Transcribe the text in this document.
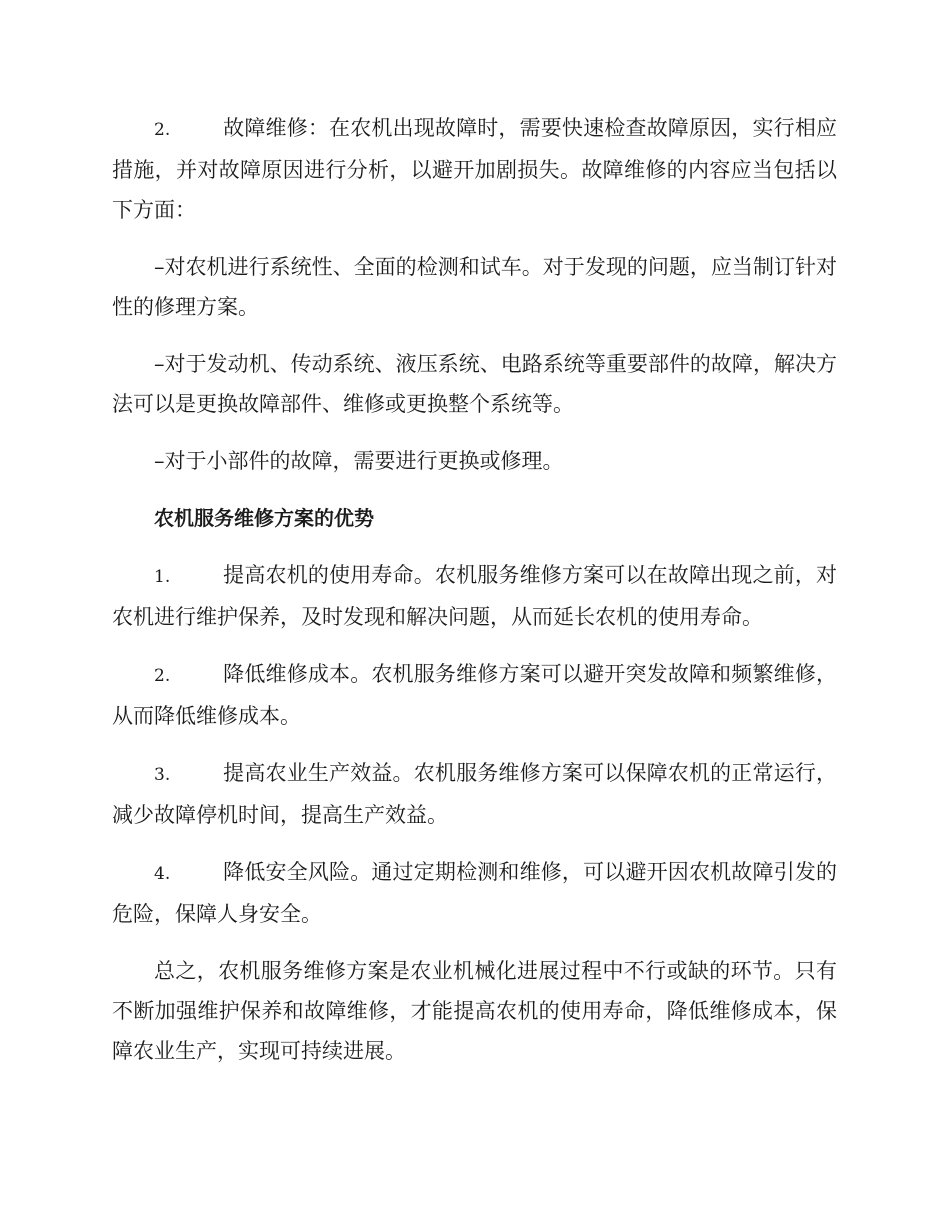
2.	故障维修：在农机出现故障时，需要快速检查故障原因，实行相应措施，并对故障原因进行分析，以避开加剧损失。故障维修的内容应当包括以下方面：

–对农机进行系统性、全面的检测和试车。对于发现的问题，应当制订针对性的修理方案。

–对于发动机、传动系统、液压系统、电路系统等重要部件的故障，解决方法可以是更换故障部件、维修或更换整个系统等。

–对于小部件的故障，需要进行更换或修理。

农机服务维修方案的优势

1.	提高农机的使用寿命。农机服务维修方案可以在故障出现之前，对农机进行维护保养，及时发现和解决问题，从而延长农机的使用寿命。

2.	降低维修成本。农机服务维修方案可以避开突发故障和频繁维修，从而降低维修成本。

3.	提高农业生产效益。农机服务维修方案可以保障农机的正常运行，减少故障停机时间，提高生产效益。

4.	降低安全风险。通过定期检测和维修，可以避开因农机故障引发的危险，保障人身安全。

总之，农机服务维修方案是农业机械化进展过程中不行或缺的环节。只有不断加强维护保养和故障维修，才能提高农机的使用寿命，降低维修成本，保障农业生产，实现可持续进展。
